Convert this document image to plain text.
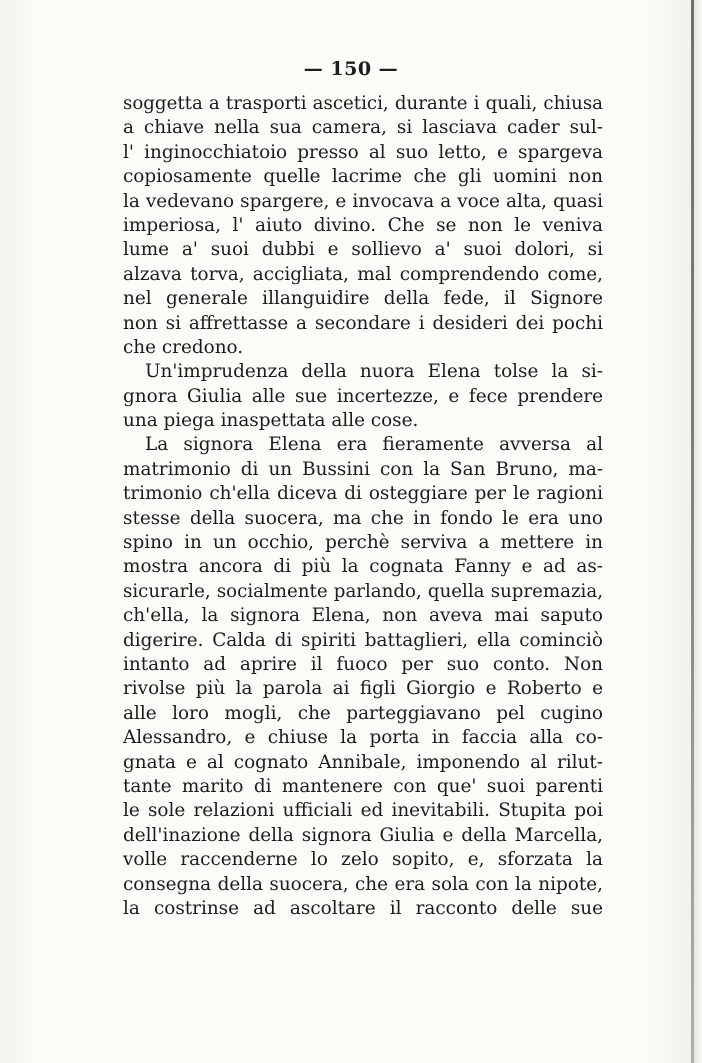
— 150 —
soggetta a trasporti ascetici, durante i quali, chiusa
a chiave nella sua camera, si lasciava cader sul-
l' inginocchiatoio presso al suo letto, e spargeva
copiosamente quelle lacrime che gli uomini non
la vedevano spargere, e invocava a voce alta, quasi
imperiosa, l' aiuto divino. Che se non le veniva
lume a' suoi dubbi e sollievo a' suoi dolori, si
alzava torva, accigliata, mal comprendendo come,
nel generale illanguidire della fede, il Signore
non si affrettasse a secondare i desideri dei pochi
che credono.
Un'imprudenza della nuora Elena tolse la si-
gnora Giulia alle sue incertezze, e fece prendere
una piega inaspettata alle cose.
La signora Elena era fieramente avversa al
matrimonio di un Bussini con la San Bruno, ma-
trimonio ch'ella diceva di osteggiare per le ragioni
stesse della suocera, ma che in fondo le era uno
spino in un occhio, perchè serviva a mettere in
mostra ancora di più la cognata Fanny e ad as-
sicurarle, socialmente parlando, quella supremazia,
ch'ella, la signora Elena, non aveva mai saputo
digerire. Calda di spiriti battaglieri, ella cominciò
intanto ad aprire il fuoco per suo conto. Non
rivolse più la parola ai figli Giorgio e Roberto e
alle loro mogli, che parteggiavano pel cugino
Alessandro, e chiuse la porta in faccia alla co-
gnata e al cognato Annibale, imponendo al rilut-
tante marito di mantenere con que' suoi parenti
le sole relazioni ufficiali ed inevitabili. Stupita poi
dell'inazione della signora Giulia e della Marcella,
volle raccenderne lo zelo sopito, e, sforzata la
consegna della suocera, che era sola con la nipote,
la costrinse ad ascoltare il racconto delle sue
